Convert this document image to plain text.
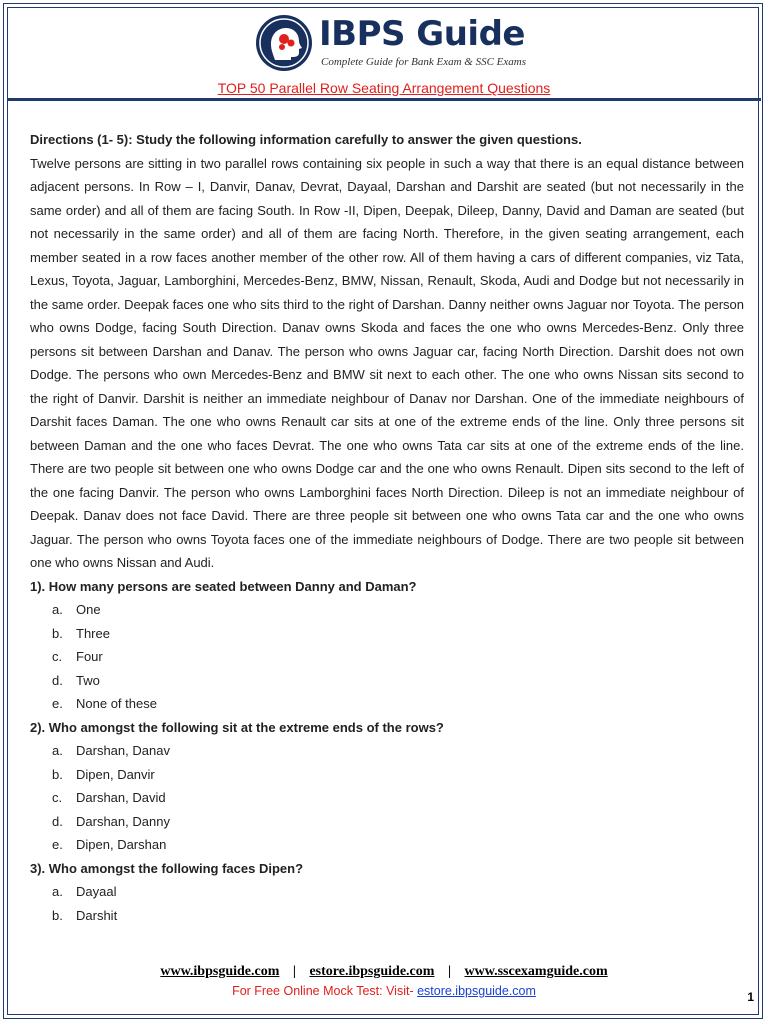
IBPS Guide
Complete Guide for Bank Exam & SSC Exams
TOP 50 Parallel Row Seating Arrangement Questions

Directions (1- 5): Study the following information carefully to answer the given questions.

Twelve persons are sitting in two parallel rows containing six people in such a way that there is an equal distance between adjacent persons. In Row – I, Danvir, Danav, Devrat, Dayaal, Darshan and Darshit are seated (but not necessarily in the same order) and all of them are facing South. In Row -II, Dipen, Deepak, Dileep, Danny, David and Daman are seated (but not necessarily in the same order) and all of them are facing North. Therefore, in the given seating arrangement, each member seated in a row faces another member of the other row. All of them having a cars of different companies, viz Tata, Lexus, Toyota, Jaguar, Lamborghini, Mercedes-Benz, BMW, Nissan, Renault, Skoda, Audi and Dodge but not necessarily in the same order. Deepak faces one who sits third to the right of Darshan. Danny neither owns Jaguar nor Toyota. The person who owns Dodge, facing South Direction. Danav owns Skoda and faces the one who owns Mercedes-Benz. Only three persons sit between Darshan and Danav. The person who owns Jaguar car, facing North Direction. Darshit does not own Dodge. The persons who own Mercedes-Benz and BMW sit next to each other. The one who owns Nissan sits second to the right of Danvir. Darshit is neither an immediate neighbour of Danav nor Darshan. One of the immediate neighbours of Darshit faces Daman. The one who owns Renault car sits at one of the extreme ends of the line. Only three persons sit between Daman and the one who faces Devrat. The one who owns Tata car sits at one of the extreme ends of the line. There are two people sit between one who owns Dodge car and the one who owns Renault. Dipen sits second to the left of the one facing Danvir. The person who owns Lamborghini faces North Direction. Dileep is not an immediate neighbour of Deepak. Danav does not face David. There are three people sit between one who owns Tata car and the one who owns Jaguar. The person who owns Toyota faces one of the immediate neighbours of Dodge. There are two people sit between one who owns Nissan and Audi.

1). How many persons are seated between Danny and Daman?

a.	One
b.	Three
c.	Four
d.	Two
e.	None of these

2). Who amongst the following sit at the extreme ends of the rows?

a.	Darshan, Danav
b.	Dipen, Danvir
c.	Darshan, David
d.	Darshan, Danny
e.	Dipen, Darshan

3). Who amongst the following faces Dipen?

a.	Dayaal
b.	Darshit
www.ibpsguide.com | estore.ibpsguide.com | www.sscexamguide.com
For Free Online Mock Test: Visit- estore.ibpsguide.com	1
